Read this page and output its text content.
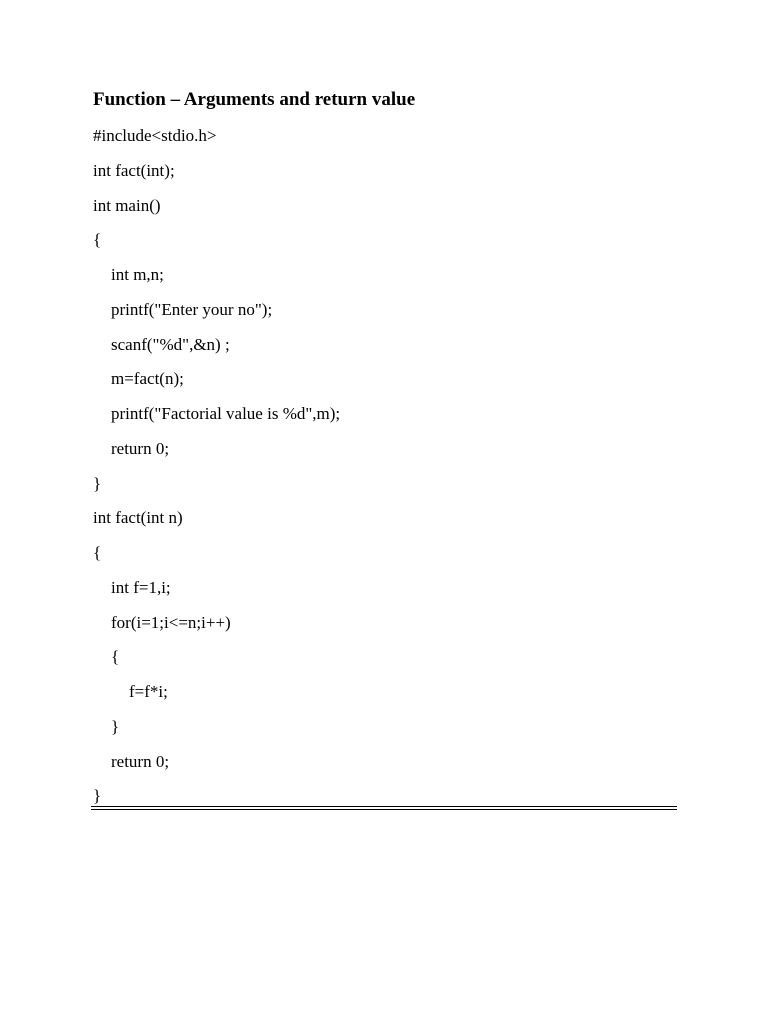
Function – Arguments and return value
#include<stdio.h>
int fact(int);
int main()
{
int m,n;
printf("Enter your no");
scanf("%d",&n) ;
m=fact(n);
printf("Factorial value is %d",m);
return 0;
}
int fact(int n)
{
int f=1,i;
for(i=1;i<=n;i++)
{
f=f*i;
}
return 0;
}
